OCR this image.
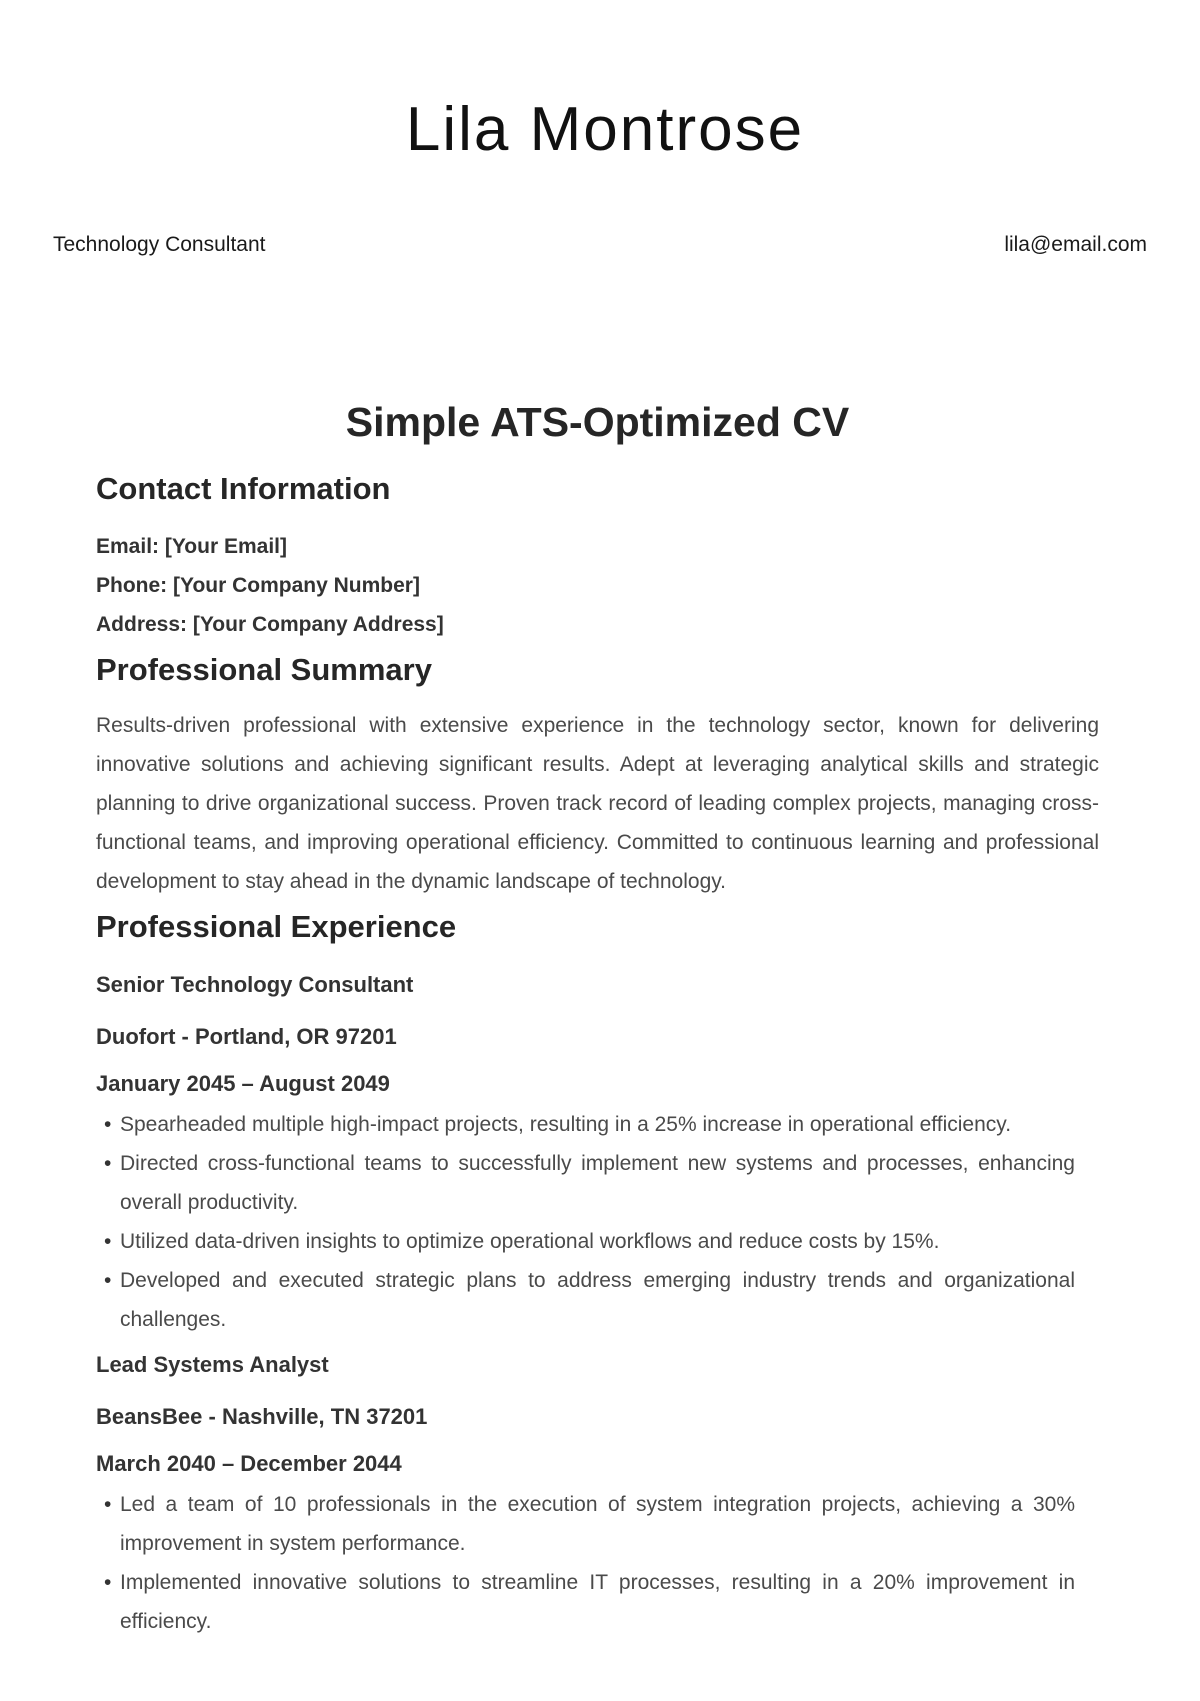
Lila Montrose
Technology Consultant	lila@email.com
Simple ATS-Optimized CV
Contact Information
Email: [Your Email]
Phone: [Your Company Number]
Address: [Your Company Address]
Professional Summary

Results-driven professional with extensive experience in the technology sector, known for delivering innovative solutions and achieving significant results. Adept at leveraging analytical skills and strategic planning to drive organizational success. Proven track record of leading complex projects, managing cross-functional teams, and improving operational efficiency. Committed to continuous learning and professional development to stay ahead in the dynamic landscape of technology.

Professional Experience
Senior Technology Consultant
Duofort - Portland, OR 97201
January 2045 – August 2049
• Spearheaded multiple high-impact projects, resulting in a 25% increase in operational efficiency.
• Directed cross-functional teams to successfully implement new systems and processes, enhancing overall productivity.
• Utilized data-driven insights to optimize operational workflows and reduce costs by 15%.
• Developed and executed strategic plans to address emerging industry trends and organizational challenges.
Lead Systems Analyst
BeansBee - Nashville, TN 37201
March 2040 – December 2044
• Led a team of 10 professionals in the execution of system integration projects, achieving a 30% improvement in system performance.
• Implemented innovative solutions to streamline IT processes, resulting in a 20% improvement in efficiency.
